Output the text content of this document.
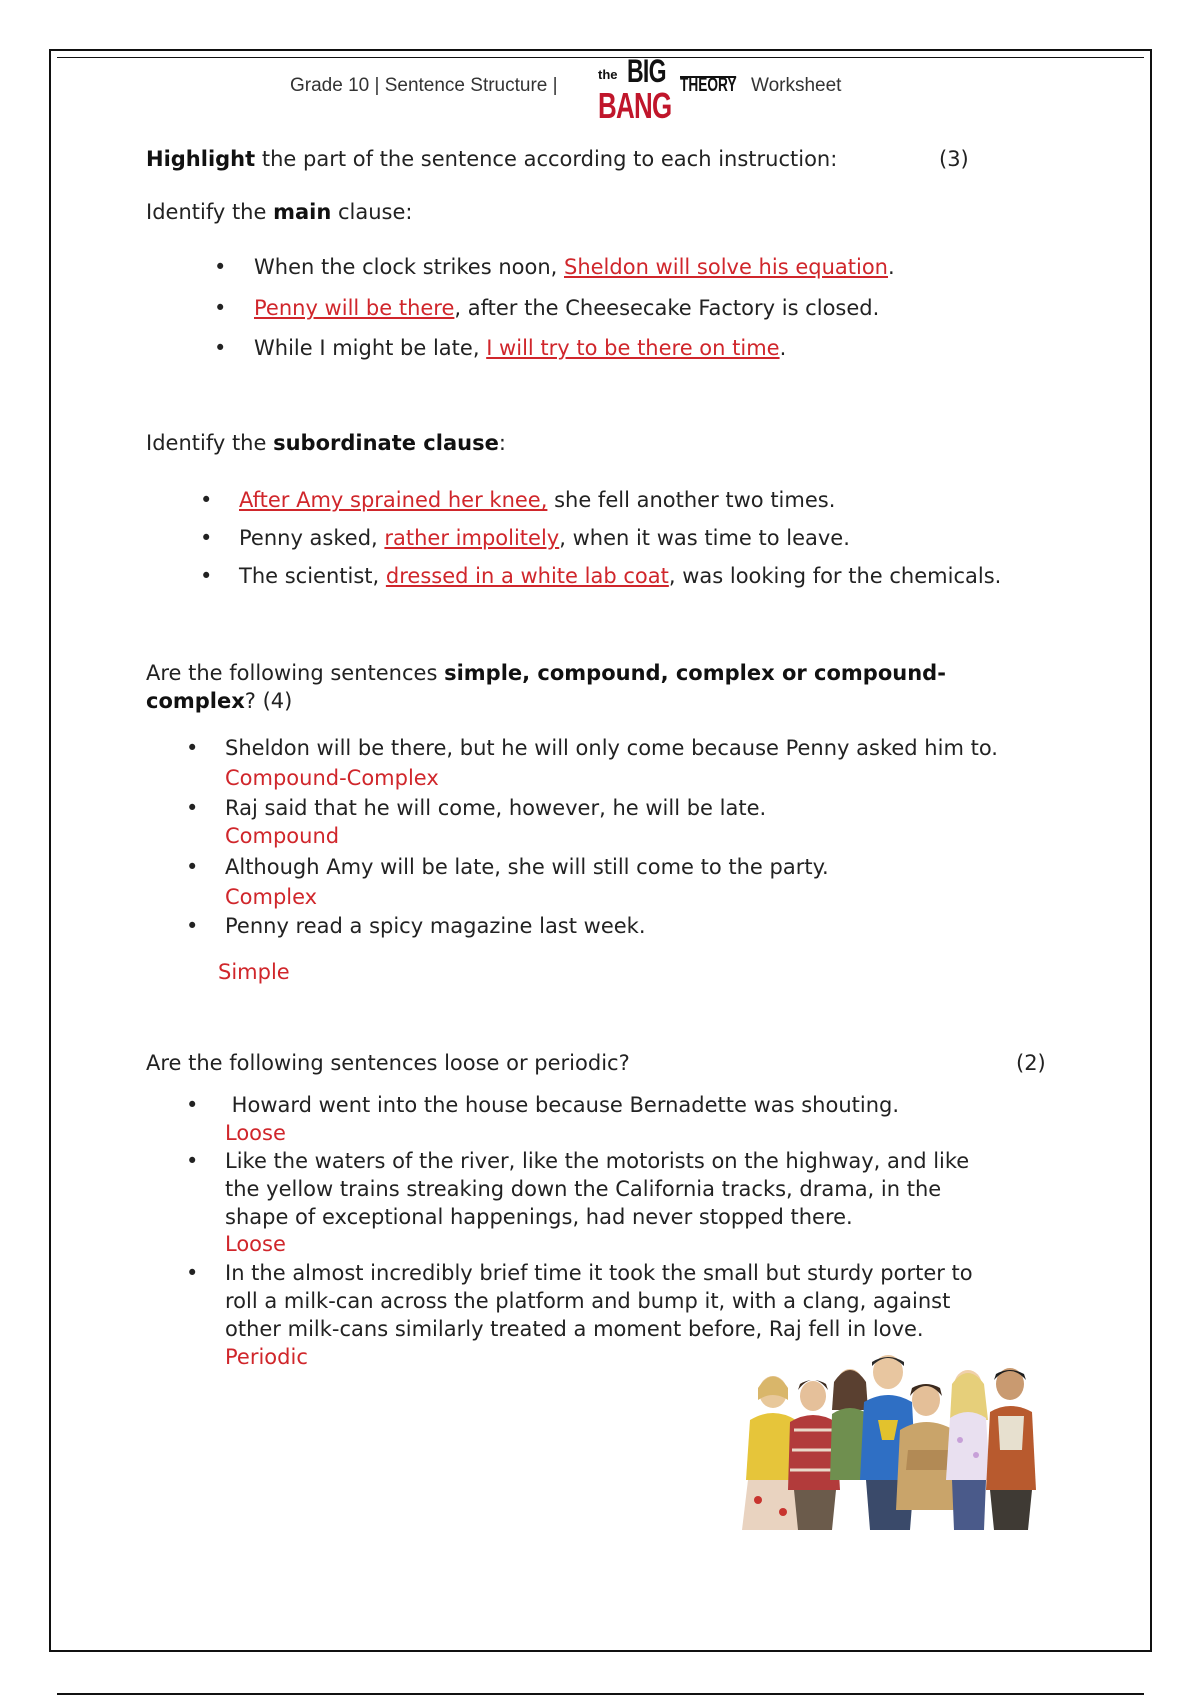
Grade 10 | Sentence Structure |
the BIG
BANG THEORY Worksheet
Highlight the part of the sentence according to each instruction:	(3)
Identify the main clause:
• When the clock strikes noon, Sheldon will solve his equation.
• Penny will be there, after the Cheesecake Factory is closed.
• While I might be late, I will try to be there on time.
Identify the subordinate clause:
• After Amy sprained her knee, she fell another two times.
• Penny asked, rather impolitely, when it was time to leave.
• The scientist, dressed in a white lab coat, was looking for the chemicals.
Are the following sentences simple, compound, complex or compound-
complex? (4)
• Sheldon will be there, but he will only come because Penny asked him to.
Compound-Complex
• Raj said that he will come, however, he will be late.
Compound
• Although Amy will be late, she will still come to the party.
Complex
• Penny read a spicy magazine last week.
Simple
Are the following sentences loose or periodic?	(2)
• Howard went into the house because Bernadette was shouting.
Loose
• Like the waters of the river, like the motorists on the highway, and like
the yellow trains streaking down the California tracks, drama, in the
shape of exceptional happenings, had never stopped there.
Loose
• In the almost incredibly brief time it took the small but sturdy porter to
roll a milk-can across the platform and bump it, with a clang, against
other milk-cans similarly treated a moment before, Raj fell in love.
Periodic
